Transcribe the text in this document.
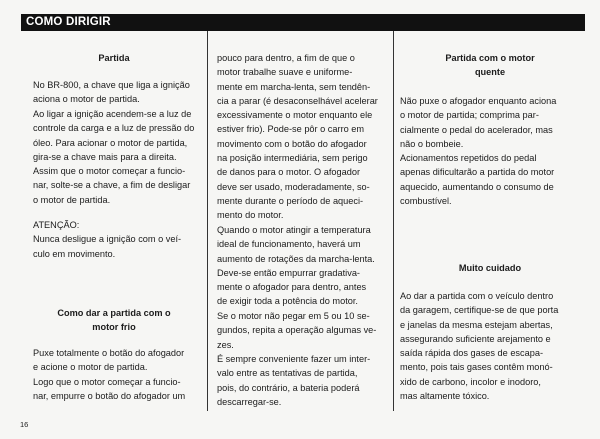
COMO DIRIGIR
Partida
No BR-800, a chave que liga a ignição
aciona o motor de partida.
Ao ligar a ignição acendem-se a luz de
controle da carga e a luz de pressão do
óleo. Para acionar o motor de partida,
gira-se a chave mais para a direita.
Assim que o motor começar a funcio-
nar, solte-se a chave, a fim de desligar
o motor de partida.
ATENÇÃO:
Nunca desligue a ignição com o veí-
culo em movimento.
Como dar a partida com o
motor frio
Puxe totalmente o botão do afogador
e acione o motor de partida.
Logo que o motor começar a funcio-
nar, empurre o botão do afogador um
pouco para dentro, a fim de que o
motor trabalhe suave e uniforme-
mente em marcha-lenta, sem tendên-
cia a parar (é desaconselhável acelerar
excessivamente o motor enquanto ele
estiver frio). Pode-se pôr o carro em
movimento com o botão do afogador
na posição intermediária, sem perigo
de danos para o motor. O afogador
deve ser usado, moderadamente, so-
mente durante o período de aqueci-
mento do motor.
Quando o motor atingir a temperatura
ideal de funcionamento, haverá um
aumento de rotações da marcha-lenta.
Deve-se então empurrar gradativa-
mente o afogador para dentro, antes
de exigir toda a potência do motor.
Se o motor não pegar em 5 ou 10 se-
gundos, repita a operação algumas ve-
zes.
É sempre conveniente fazer um inter-
valo entre as tentativas de partida,
pois, do contrário, a bateria poderá
descarregar-se.
Partida com o motor
quente
Não puxe o afogador enquanto aciona
o motor de partida; comprima par-
cialmente o pedal do acelerador, mas
não o bombeie.
Acionamentos repetidos do pedal
apenas dificultarão a partida do motor
aquecido, aumentando o consumo de
combustível.
Muito cuidado
Ao dar a partida com o veículo dentro
da garagem, certifique-se de que porta
e janelas da mesma estejam abertas,
assegurando suficiente arejamento e
saída rápida dos gases de escapa-
mento, pois tais gases contêm monó-
xido de carbono, incolor e inodoro,
mas altamente tóxico.
16
